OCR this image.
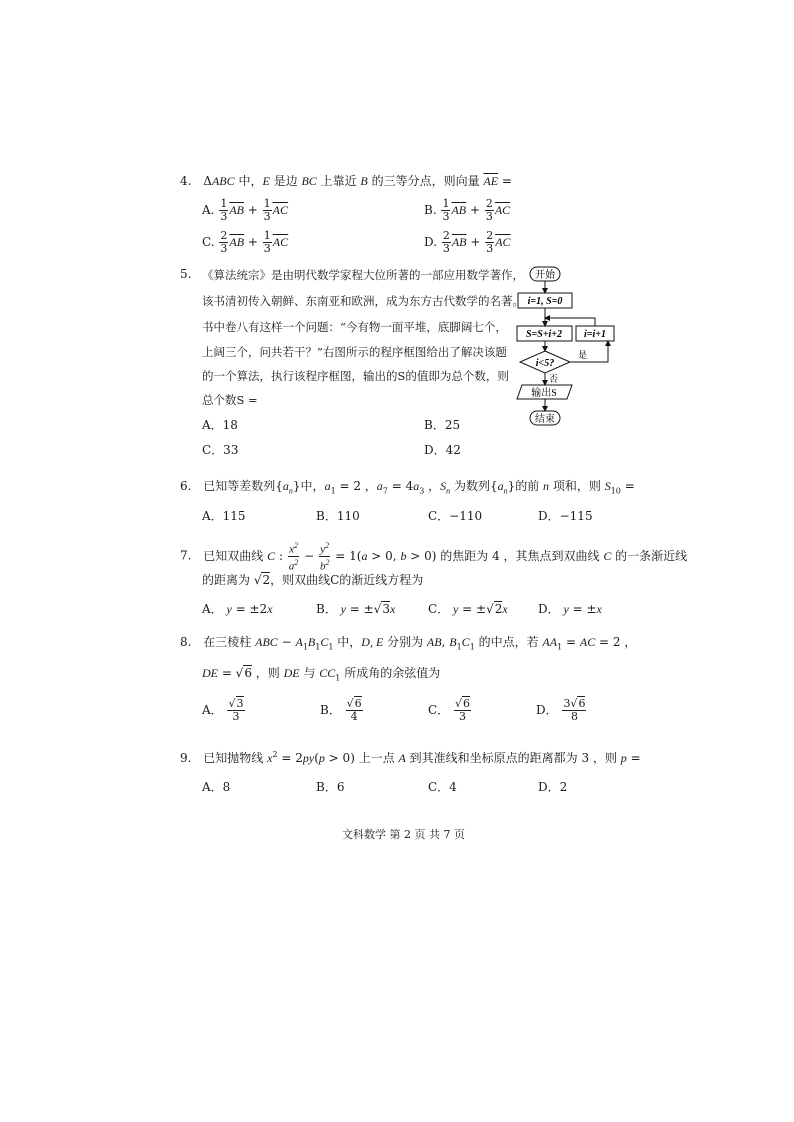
4. ΔABC 中，E 是边 BC 上靠近 B 的三等分点，则向量 $\overline{AE}$ =
A. $\frac{1}{3} \overline{AB} + \frac{1}{3} \overline{AC}$	B. $\frac{1}{3} \overline{AB} + \frac{2}{3} \overline{AC}$
C. $\frac{2}{3} \overline{AB} + \frac{1}{3} \overline{AC}$	D. $\frac{2}{3} \overline{AB} + \frac{2}{3} \overline{AC}$
5. 《算法统宗》是由明代数学家程大位所著的一部应用数学著作，
该书清初传入朝鲜、东南亚和欧洲，成为东方古代数学的名著。
书中卷八有这样一个问题：“今有物一面平堆，底脚阔七个，
上阔三个，问共若干？”右图所示的程序框图给出了解决该题
的一个算法，执行该程序框图，输出的S的值即为总个数，则
总个数S =
A．18	B．25
C．33	D．42
开始
i=1, S=0
S=S+i+2 i=i+1
i<5?
是
否
输出S
结束
6. 已知等差数列$\{a_n\}$中，$a_1 = 2$ ，$a_7 = 4a_3$ ，$S_n$ 为数列$\{a_n\}$的前 n 项和，则 $S_{10}$ =
A．115	B．110	C．−110	D．−115
7. 已知双曲线 C : $\frac{x^2}{a^2} - \frac{y^2}{b^2} = 1(a > 0$, b > 0) 的焦距为 4 ，其焦点到双曲线 C 的一条渐近线
的距离为 √2，则双曲线C的渐近线方程为
A． y = ±2x	B． y = ±√3x	C． y = ±√2x	D． y = ±x
8. 在三棱柱 ABC − $A_1B_1C_1$ 中，D, E 分别为 AB, $B_1C_1$ 的中点，若 $AA_1$ = AC = 2 ，
DE = √6 ，则 DE 与 $CC_1$ 所成角的余弦值为
A． $\frac{√3}{3}$	B． $\frac{√6}{4}$	C． $\frac{√6}{3}$	D． $\frac{3√6}{8}$
9. 已知抛物线 $x^2 = 2py(p > 0)$ 上一点 A 到其准线和坐标原点的距离都为 3 ，则 p =
A．8	B．6	C．4	D．2
文科数学 第 2 页 共 7 页
